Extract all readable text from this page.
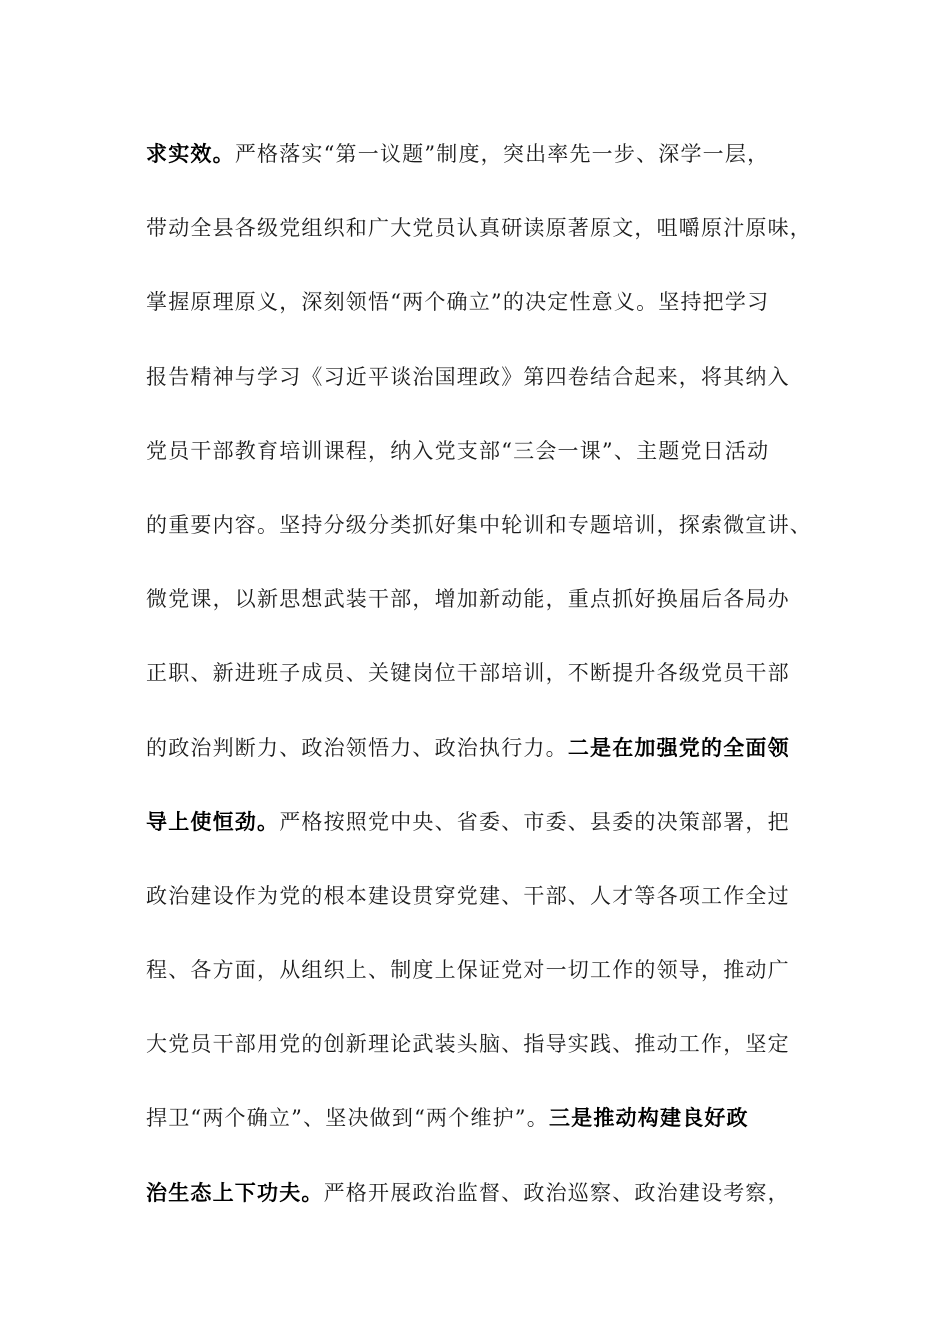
求实效。严格落实“第一议题”制度，突出率先一步、深学一层，
带动全县各级党组织和广大党员认真研读原著原文，咀嚼原汁原味，
掌握原理原义，深刻领悟“两个确立”的决定性意义。坚持把学习
报告精神与学习《习近平谈治国理政》第四卷结合起来，将其纳入
党员干部教育培训课程，纳入党支部“三会一课”、主题党日活动
的重要内容。坚持分级分类抓好集中轮训和专题培训，探索微宣讲、
微党课，以新思想武装干部，增加新动能，重点抓好换届后各局办
正职、新进班子成员、关键岗位干部培训，不断提升各级党员干部
的政治判断力、政治领悟力、政治执行力。二是在加强党的全面领
导上使恒劲。严格按照党中央、省委、市委、县委的决策部署，把
政治建设作为党的根本建设贯穿党建、干部、人才等各项工作全过
程、各方面，从组织上、制度上保证党对一切工作的领导，推动广
大党员干部用党的创新理论武装头脑、指导实践、推动工作，坚定
捍卫“两个确立”、坚决做到“两个维护”。三是推动构建良好政
治生态上下功夫。严格开展政治监督、政治巡察、政治建设考察，
